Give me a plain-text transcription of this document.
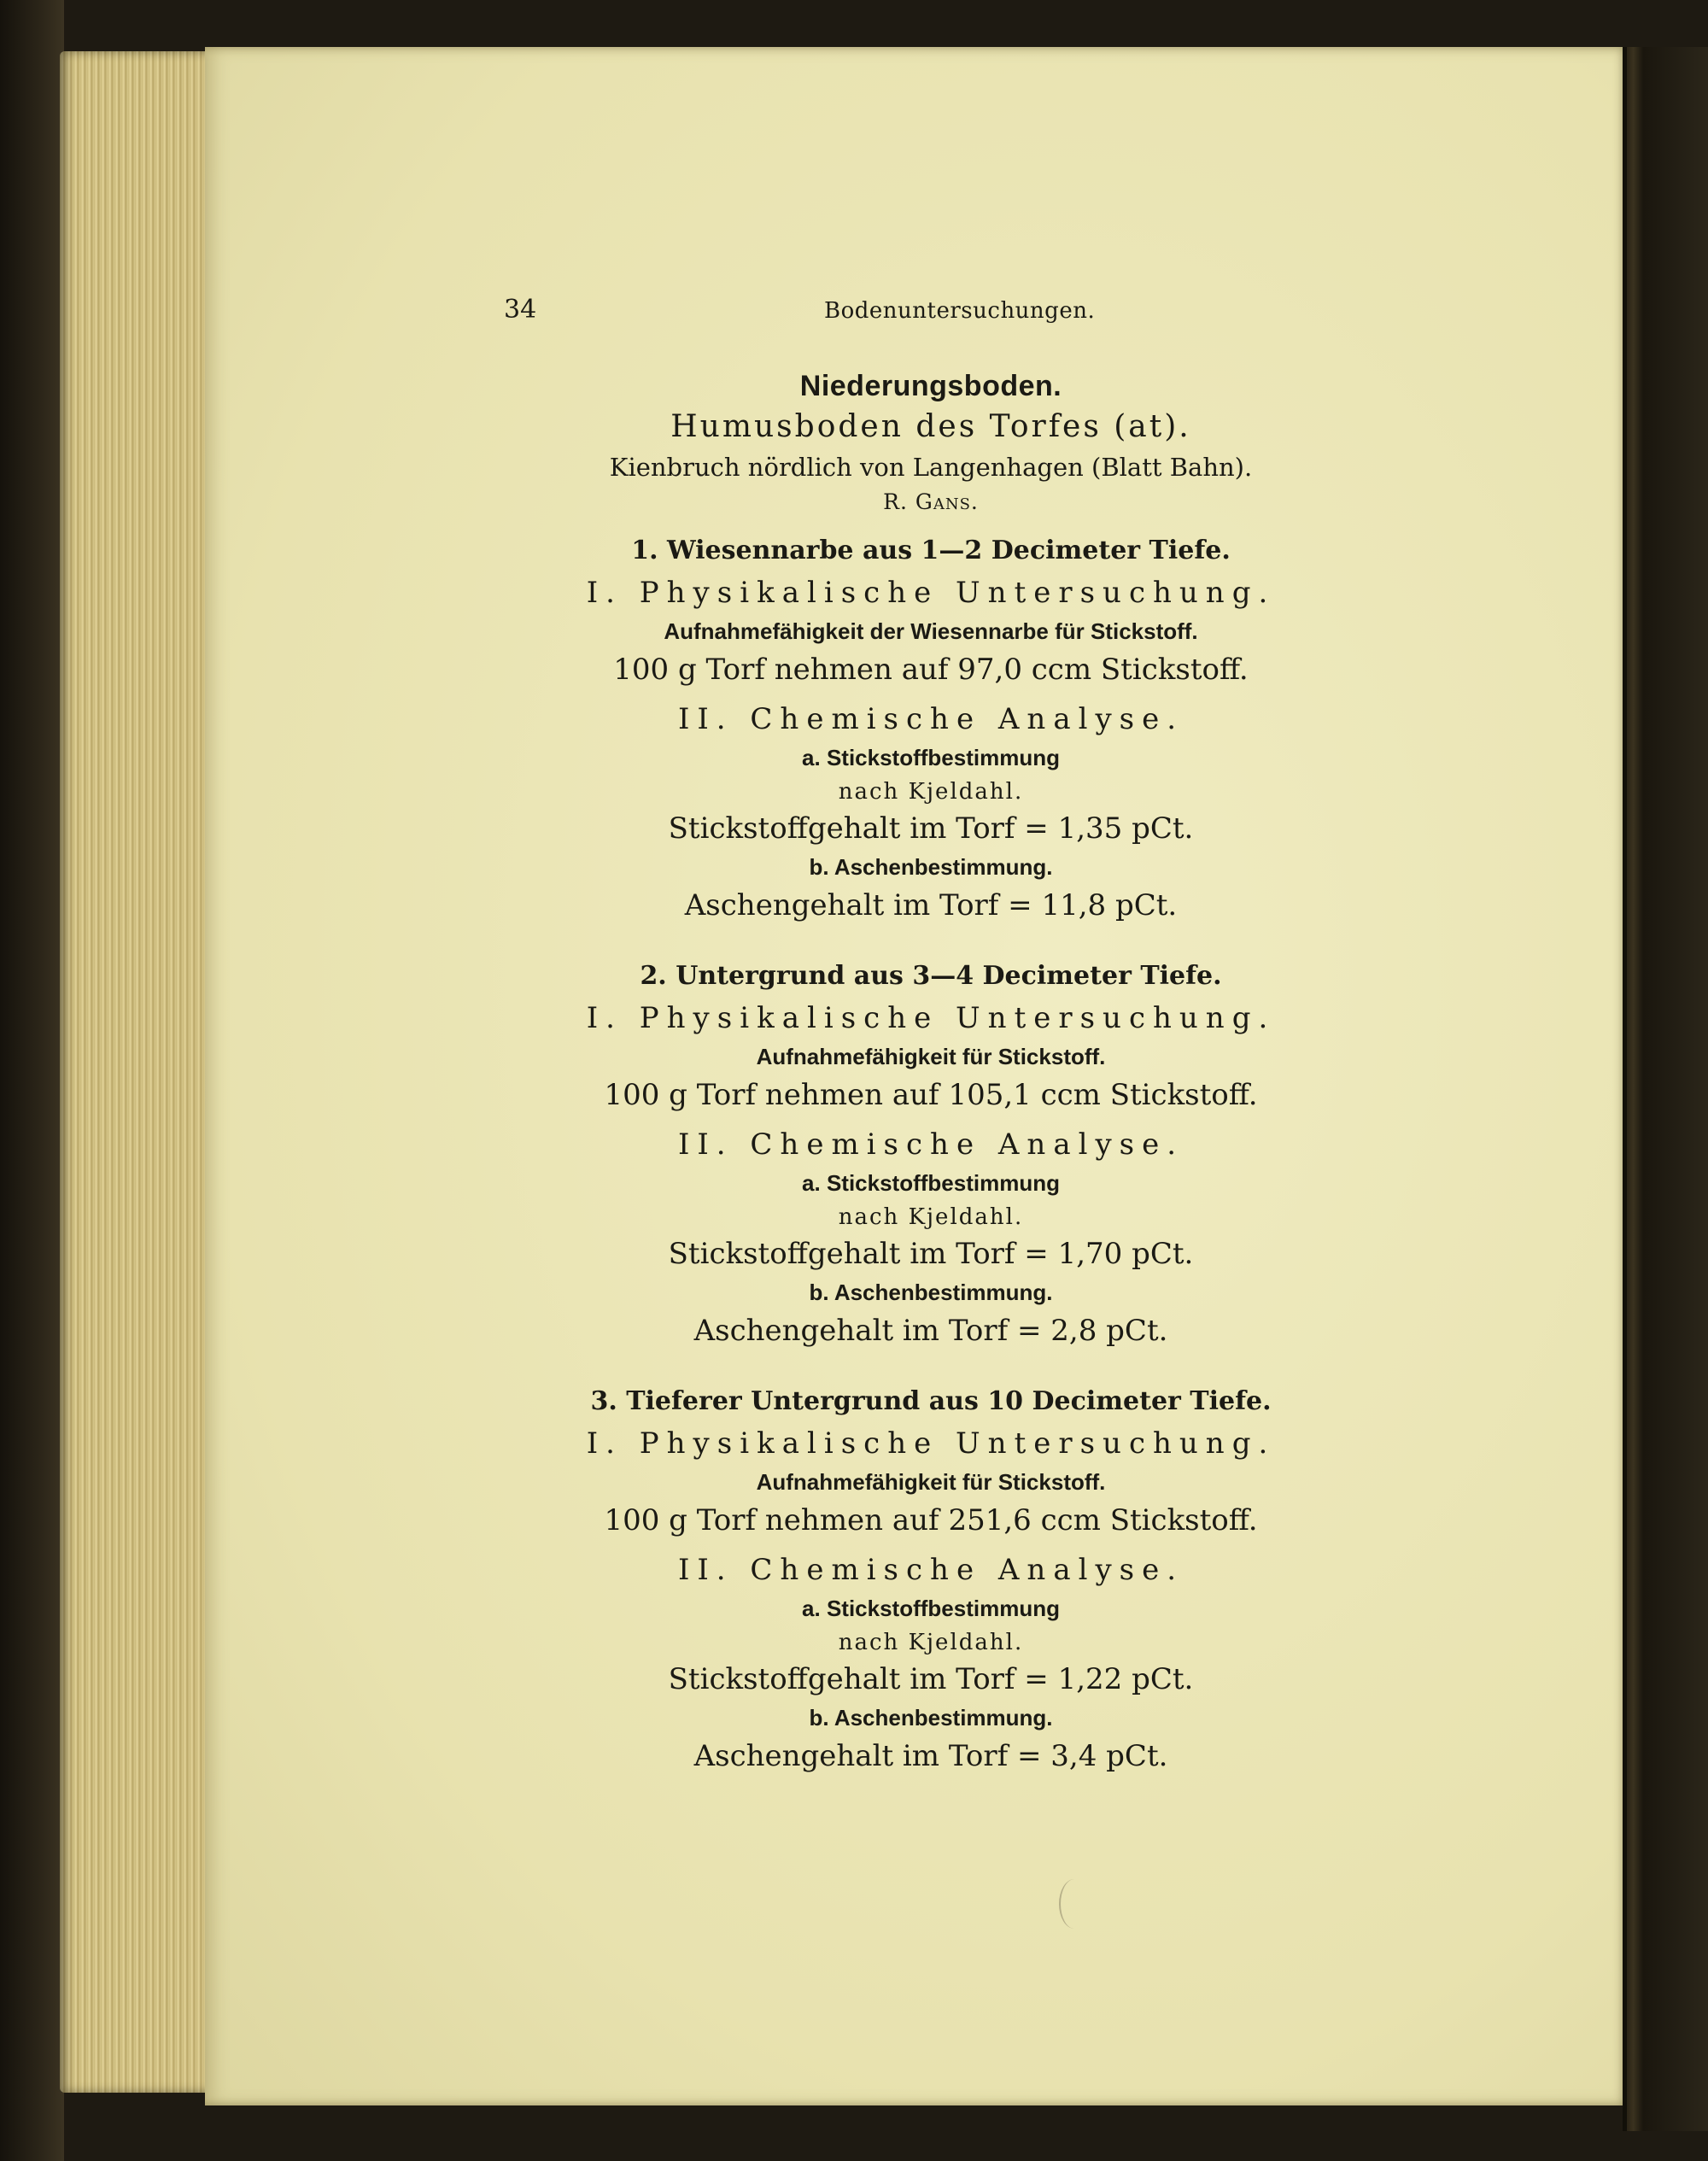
34	Bodenuntersuchungen.
Niederungsboden.
Humusboden des Torfes (at).
Kienbruch nördlich von Langenhagen (Blatt Bahn).
R. Gans.
1. Wiesennarbe aus 1—2 Decimeter Tiefe.
I. Physikalische Untersuchung.
Aufnahmefähigkeit der Wiesennarbe für Stickstoff.
100 g Torf nehmen auf 97,0 ccm Stickstoff.
II. Chemische Analyse.
a. Stickstoffbestimmung
nach Kjeldahl.
Stickstoffgehalt im Torf = 1,35 pCt.
b. Aschenbestimmung.
Aschengehalt im Torf = 11,8 pCt.
2. Untergrund aus 3—4 Decimeter Tiefe.
I. Physikalische Untersuchung.
Aufnahmefähigkeit für Stickstoff.
100 g Torf nehmen auf 105,1 ccm Stickstoff.
II. Chemische Analyse.
a. Stickstoffbestimmung
nach Kjeldahl.
Stickstoffgehalt im Torf = 1,70 pCt.
b. Aschenbestimmung.
Aschengehalt im Torf = 2,8 pCt.
3. Tieferer Untergrund aus 10 Decimeter Tiefe.
I. Physikalische Untersuchung.
Aufnahmefähigkeit für Stickstoff.
100 g Torf nehmen auf 251,6 ccm Stickstoff.
II. Chemische Analyse.
a. Stickstoffbestimmung
nach Kjeldahl.
Stickstoffgehalt im Torf = 1,22 pCt.
b. Aschenbestimmung.
Aschengehalt im Torf = 3,4 pCt.
